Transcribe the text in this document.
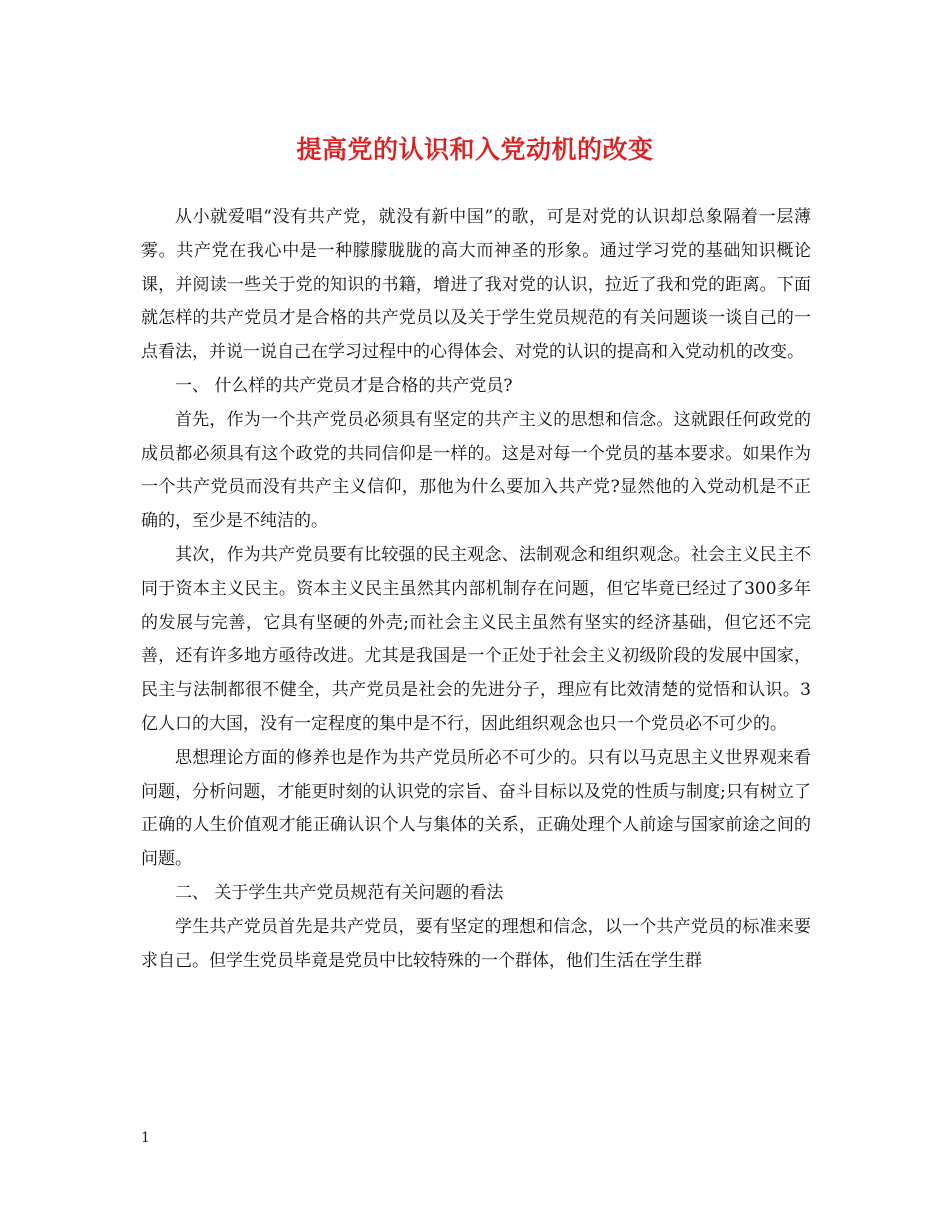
提高党的认识和入党动机的改变

从小就爱唱“没有共产党，就没有新中国”的歌，可是对党的认识却总象隔着一层薄雾。共产党在我心中是一种朦朦胧胧的高大而神圣的形象。通过学习党的基础知识概论课，并阅读一些关于党的知识的书籍，增进了我对党的认识，拉近了我和党的距离。下面就怎样的共产党员才是合格的共产党员以及关于学生党员规范的有关问题谈一谈自己的一点看法，并说一说自己在学习过程中的心得体会、对党的认识的提高和入党动机的改变。

一、 什么样的共产党员才是合格的共产党员?

首先，作为一个共产党员必须具有坚定的共产主义的思想和信念。这就跟任何政党的成员都必须具有这个政党的共同信仰是一样的。这是对每一个党员的基本要求。如果作为一个共产党员而没有共产主义信仰，那他为什么要加入共产党?显然他的入党动机是不正确的，至少是不纯洁的。

其次，作为共产党员要有比较强的民主观念、法制观念和组织观念。社会主义民主不同于资本主义民主。资本主义民主虽然其内部机制存在问题，但它毕竟已经过了300多年的发展与完善，它具有坚硬的外壳;而社会主义民主虽然有坚实的经济基础，但它还不完善，还有许多地方亟待改进。尤其是我国是一个正处于社会主义初级阶段的发展中国家，民主与法制都很不健全，共产党员是社会的先进分子，理应有比效清楚的觉悟和认识。3亿人口的大国，没有一定程度的集中是不行，因此组织观念也只一个党员必不可少的。

思想理论方面的修养也是作为共产党员所必不可少的。只有以马克思主义世界观来看问题，分析问题，才能更时刻的认识党的宗旨、奋斗目标以及党的性质与制度;只有树立了正确的人生价值观才能正确认识个人与集体的关系，正确处理个人前途与国家前途之间的问题。

二、 关于学生共产党员规范有关问题的看法

学生共产党员首先是共产党员，要有坚定的理想和信念，以一个共产党员的标准来要求自己。但学生党员毕竟是党员中比较特殊的一个群体，他们生活在学生群

1
